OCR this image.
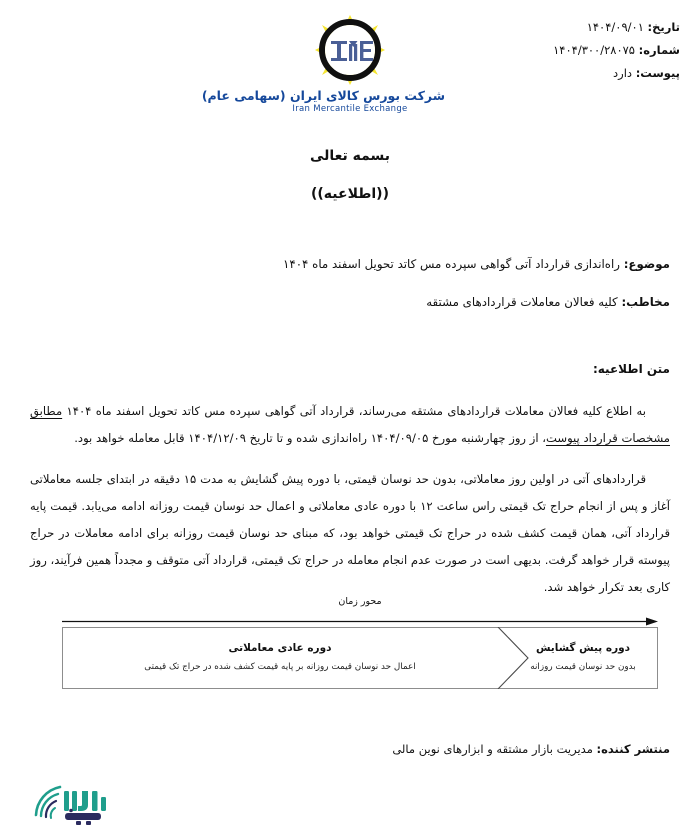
تاریخ: ۱۴۰۴/۰۹/۰۱
شماره: ۱۴۰۴/۳۰۰/۲۸۰۷۵
پیوست: دارد
شرکت بورس کالای ایران (سهامی عام)
Iran Mercantile Exchange
بسمه تعالی
((اطلاعیه))
موضوع: راه‌اندازی قرارداد آتی گواهی سپرده مس کاتد تحویل اسفند ماه ۱۴۰۴
مخاطب: کلیه فعالان معاملات قراردادهای مشتقه
متن اطلاعیه:

به اطلاع کلیه فعالان معاملات قراردادهای مشتقه می‌رساند، قرارداد آتی گواهی سپرده مس کاتد تحویل اسفند ماه ۱۴۰۴ مطابق مشخصات قرارداد پیوست، از روز چهارشنبه مورخ ۱۴۰۴/۰۹/۰۵ راه‌اندازی شده و تا تاریخ ۱۴۰۴/۱۲/۰۹ قابل معامله خواهد بود.

قراردادهای آتی در اولین روز معاملاتی، بدون حد نوسان قیمتی، با دوره پیش گشایش به مدت ۱۵ دقیقه در ابتدای جلسه معاملاتی آغاز و پس از انجام حراج تک قیمتی راس ساعت ۱۲ با دوره عادی معاملاتی و اعمال حد نوسان قیمت روزانه ادامه می‌یابد. قیمت پایه قرارداد آتی، همان قیمت کشف شده در حراج تک قیمتی خواهد بود، که مبنای حد نوسان قیمت روزانه برای ادامه معاملات در حراج پیوسته قرار خواهد گرفت. بدیهی است در صورت عدم انجام معامله در حراج تک قیمتی، قرارداد آتی متوقف و مجدداً همین فرآیند، روز کاری بعد تکرار خواهد شد.

محور زمان
دوره پیش گشایش
بدون حد نوسان قیمت روزانه
دوره عادی معاملاتی
اعمال حد نوسان قیمت روزانه بر پایه قیمت کشف شده در حراج تک قیمتی
منتشر کننده: مدیریت بازار مشتقه و ابزارهای نوین مالی
